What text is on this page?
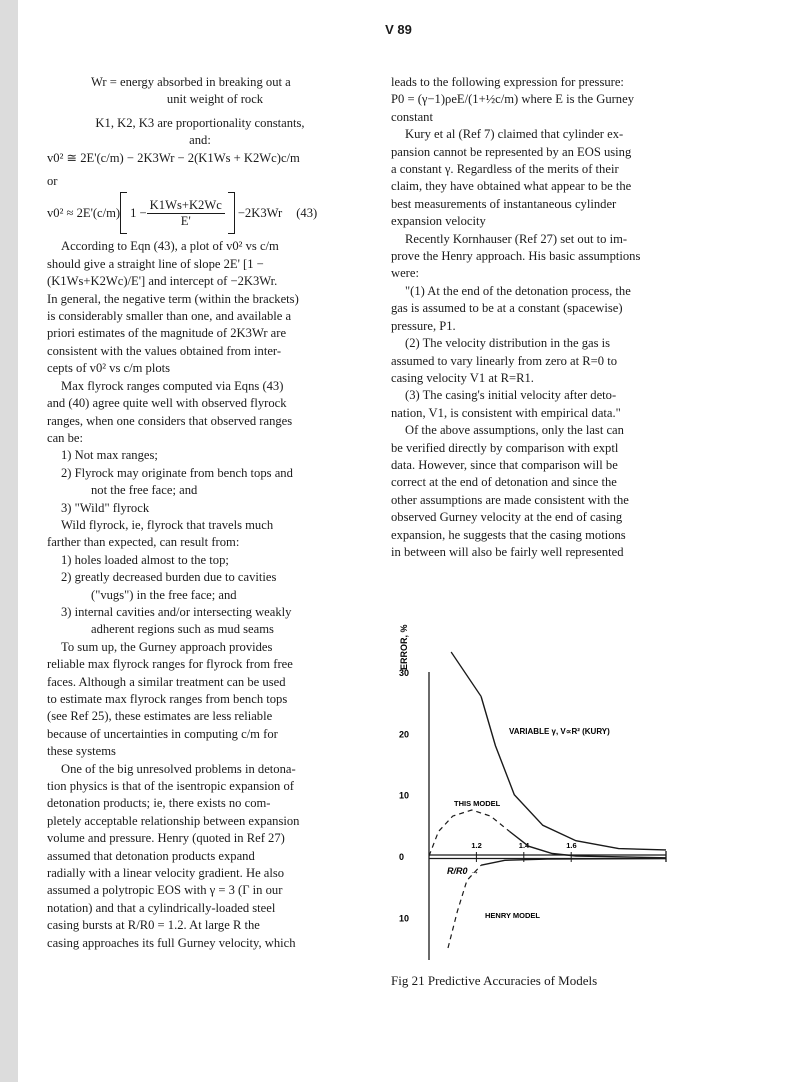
V 89
Wr = energy absorbed in breaking out a
unit weight of rock
K1, K2, K3 are proportionality constants,
and:
v0² ≅ 2E'(c/m) − 2K3Wr − 2(K1Ws + K2Wc)c/m
or
v0² ≈ 2E'(c/m) $1 - \frac{K1Ws+K2Wc}{E'} -2K3Wr$ (43)
According to Eqn (43), a plot of v0² vs c/m
should give a straight line of slope 2E' [1 −
(K1Ws+K2Wc)/E'] and intercept of −2K3Wr.
In general, the negative term (within the brackets)
is considerably smaller than one, and available a
priori estimates of the magnitude of 2K3Wr are
consistent with the values obtained from inter-
cepts of v0² vs c/m plots
Max flyrock ranges computed via Eqns (43)
and (40) agree quite well with observed flyrock
ranges, when one considers that observed ranges
can be:
1) Not max ranges;
2) Flyrock may originate from bench tops and
not the free face; and
3) "Wild" flyrock
Wild flyrock, ie, flyrock that travels much
farther than expected, can result from:
1) holes loaded almost to the top;
2) greatly decreased burden due to cavities
("vugs") in the free face; and
3) internal cavities and/or intersecting weakly
adherent regions such as mud seams
To sum up, the Gurney approach provides
reliable max flyrock ranges for flyrock from free
faces. Although a similar treatment can be used
to estimate max flyrock ranges from bench tops
(see Ref 25), these estimates are less reliable
because of uncertainties in computing c/m for
these systems
One of the big unresolved problems in detona-
tion physics is that of the isentropic expansion of
detonation products; ie, there exists no com-
pletely acceptable relationship between expansion
volume and pressure. Henry (quoted in Ref 27)
assumed that detonation products expand
radially with a linear velocity gradient. He also
assumed a polytropic EOS with γ = 3 (Γ in our
notation) and that a cylindrically-loaded steel
casing bursts at R/R0 = 1.2. At large R the
casing approaches its full Gurney velocity, which
leads to the following expression for pressure:
P0 = (γ−1)ρeE/(1+½c/m) where E is the Gurney
constant
Kury et al (Ref 7) claimed that cylinder ex-
pansion cannot be represented by an EOS using
a constant γ. Regardless of the merits of their
claim, they have obtained what appear to be the
best measurements of instantaneous cylinder
expansion velocity
Recently Kornhauser (Ref 27) set out to im-
prove the Henry approach. His basic assumptions
were:
"(1) At the end of the detonation process, the
gas is assumed to be at a constant (spacewise)
pressure, P1.
(2) The velocity distribution in the gas is
assumed to vary linearly from zero at R=0 to
casing velocity V1 at R=R1.
(3) The casing's initial velocity after deto-
nation, V1, is consistent with empirical data."
Of the above assumptions, only the last can
be verified directly by comparison with exptl
data. However, since that comparison will be
correct at the end of detonation and since the
other assumptions are made consistent with the
observed Gurney velocity at the end of casing
expansion, he suggests that the casing motions
in between will also be fairly well represented
ERROR, %
30
20
10
0
10
1.2	1.4	1.6
VARIABLE γ, V∝R² (KURY)
THIS MODEL
HENRY MODEL
R/R0 →
Fig 21 Predictive Accuracies of Models
